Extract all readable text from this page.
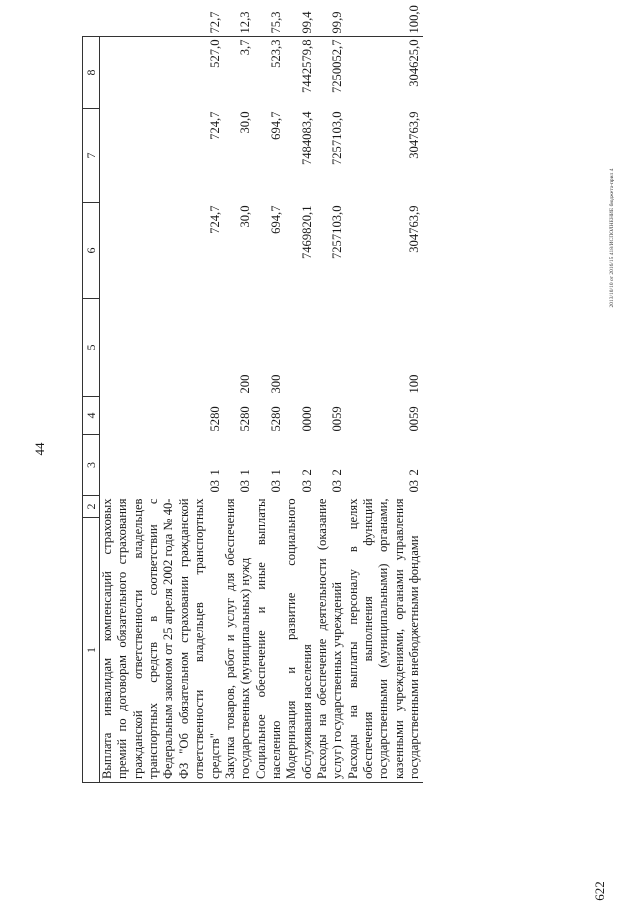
44
622
2013/10/10 от 2016/15 418/ИСПОЛНЕНИЕ бюджета-прил 4
1	2	3		4	5	6	7	8	
Выплата инвалидам компенсаций страховых премий по договорам обязательного страхования гражданской ответственности владельцев транспортных средств в соответствии с Федеральным законом от 25 апреля 2002 года № 40-ФЗ "Об обязательном страховании гражданской ответственности владельцев транспортных средств"		03	1	5280		724,7	724,7	527,0	72,7
Закупка товаров, работ и услуг для обеспечения государственных (муниципальных) нужд		03	1	5280	200	30,0	30,0	3,7	12,3
Социальное обеспечение и иные выплаты населению		03	1	5280	300	694,7	694,7	523,3	75,3
Модернизация и развитие социального обслуживания населения		03	2	0000		7469820,1	7484083,4	7442579,8	99,4
Расходы на обеспечение деятельности (оказание услуг) государственных учреждений		03	2	0059		7257103,0	7257103,0	7250052,7	99,9
Расходы на выплаты персоналу в целях обеспечения выполнения функций государственными (муниципальными) органами, казенными учреждениями, органами управления государственными внебюджетными фондами		03	2	0059	100	304763,9	304763,9	304625,0	100,0
